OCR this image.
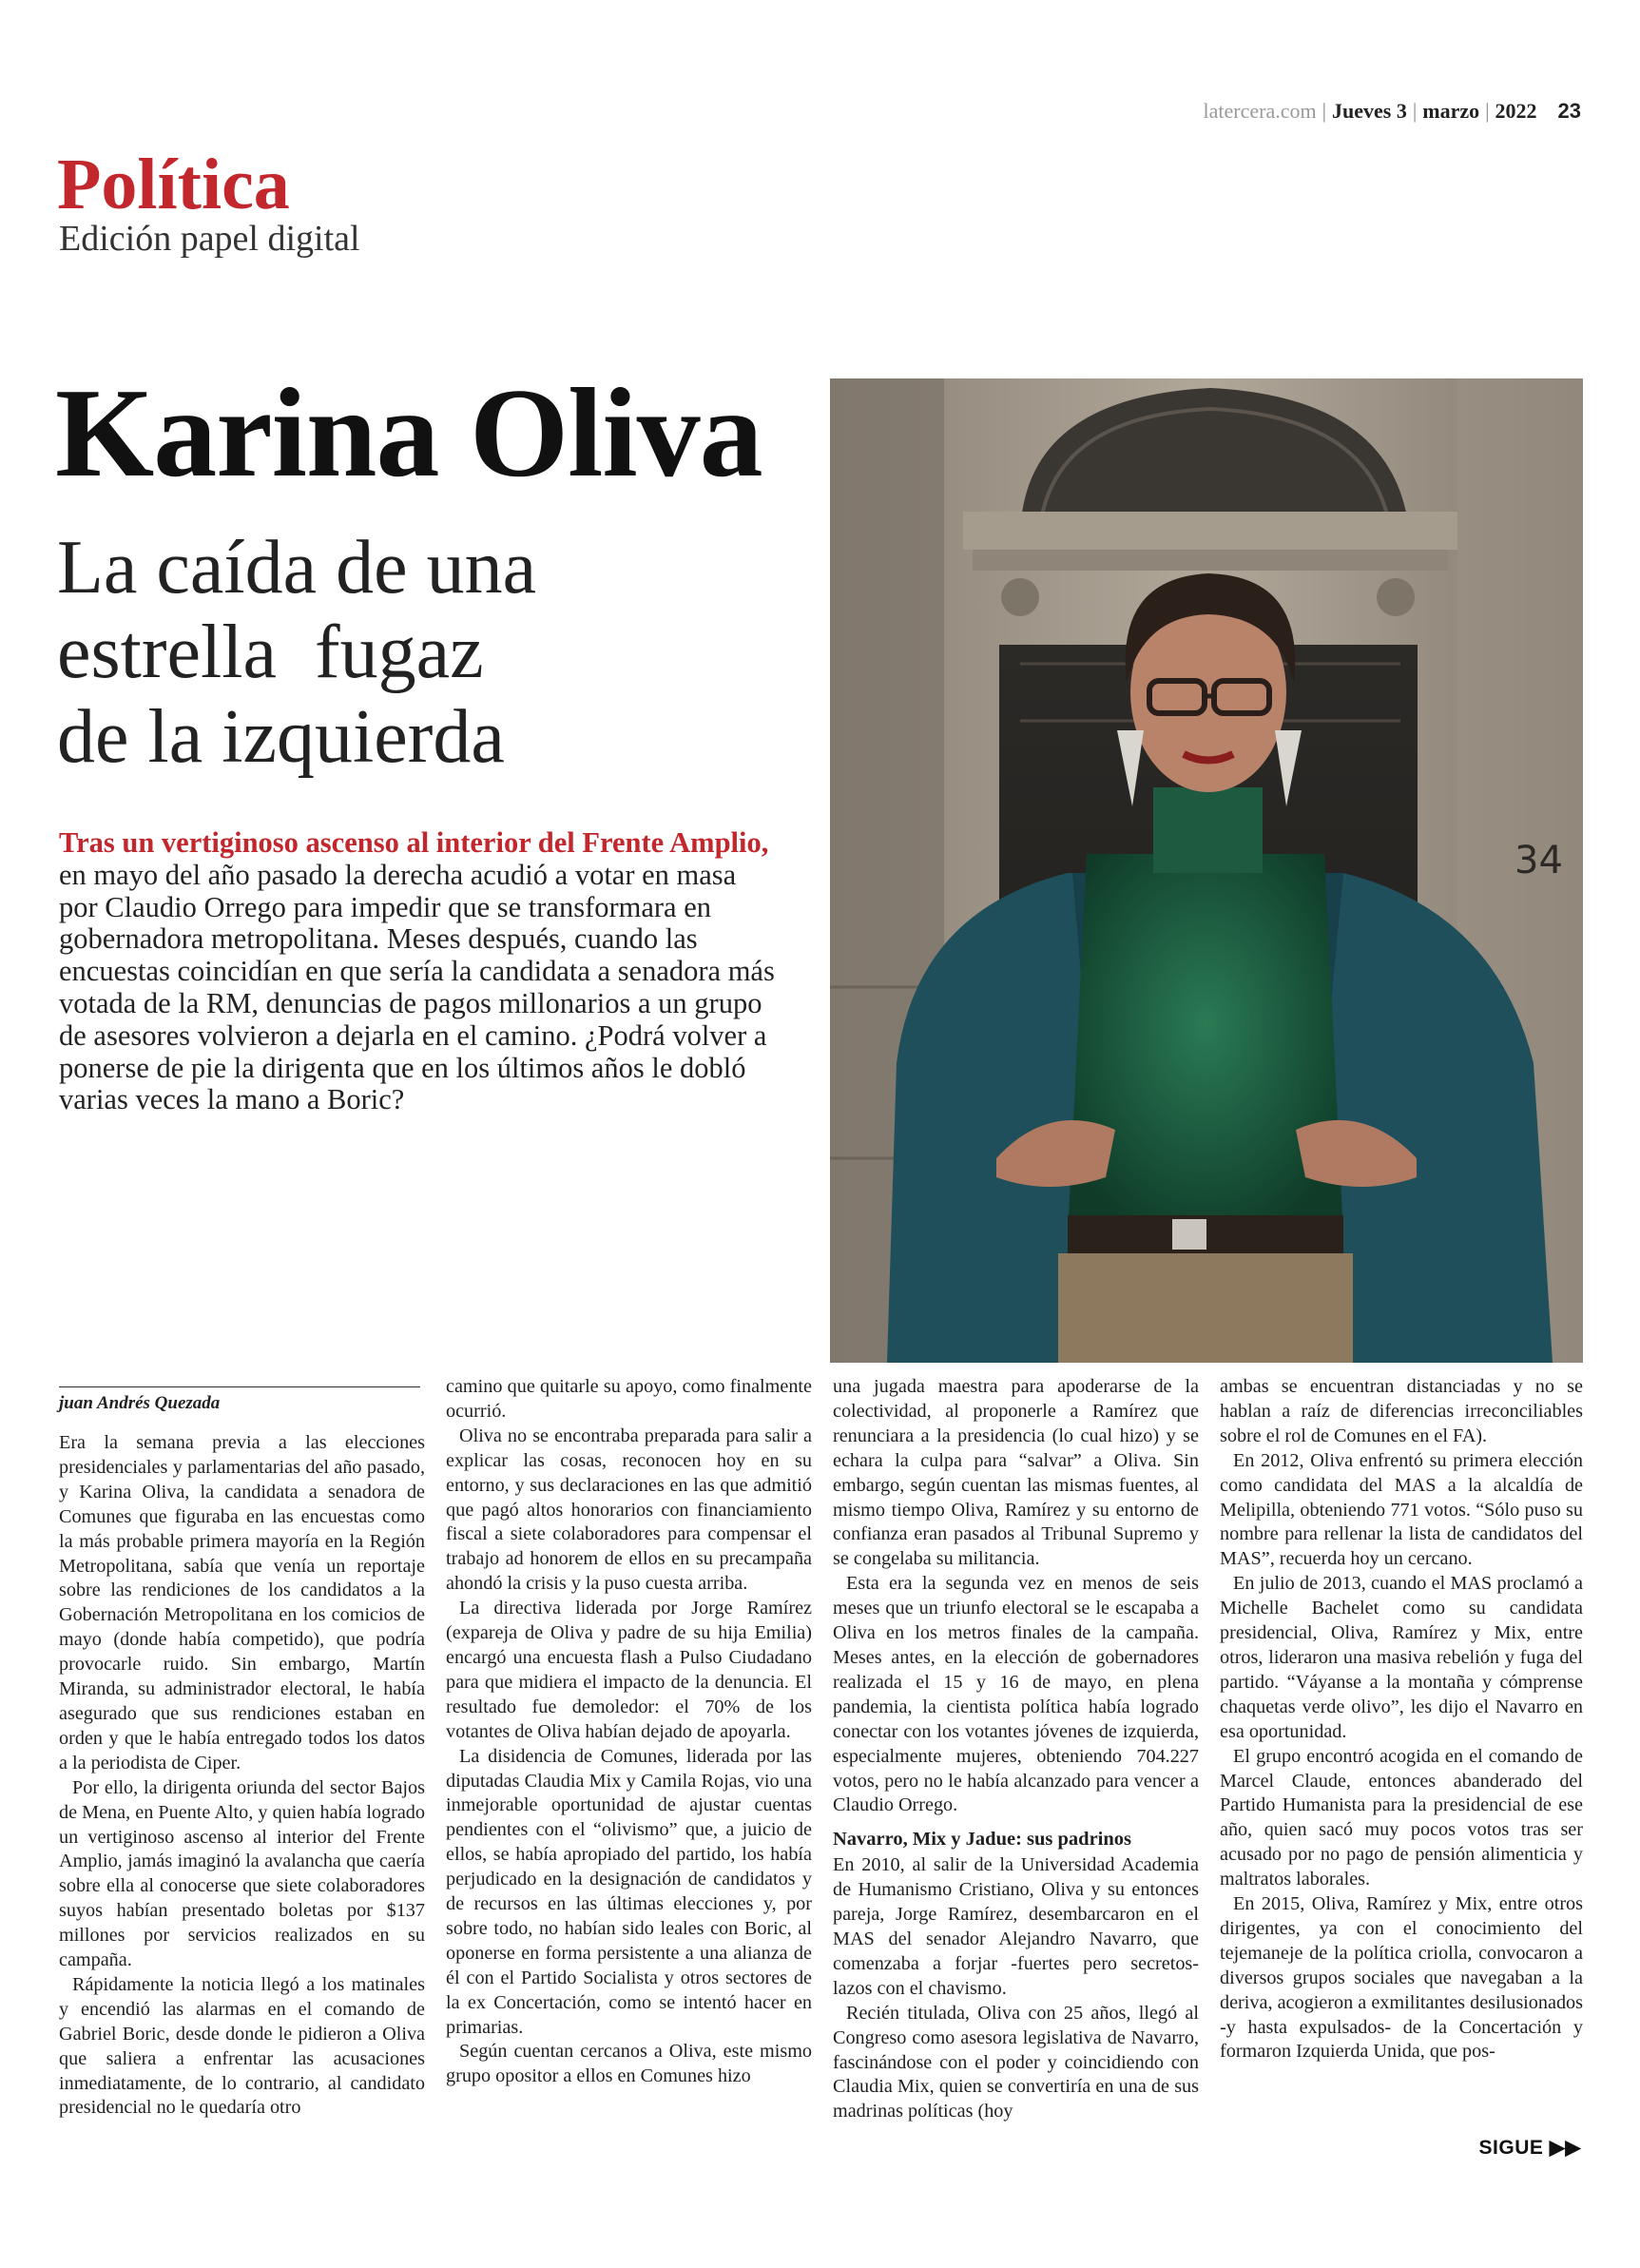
latercera.com | Jueves 3 | marzo | 2022 23
Política
Edición papel digital
Karina Oliva
La caída de una
estrella  fugaz
de la izquierda
Tras un vertiginoso ascenso al interior del Frente Amplio, en mayo del año pasado la derecha acudió a votar en masa por Claudio Orrego para impedir que se transformara en gobernadora metropolitana. Meses después, cuando las encuestas coincidían en que sería la candidata a senadora más votada de la RM, denuncias de pagos millonarios a un grupo de asesores volvieron a dejarla en el camino. ¿Podrá volver a ponerse de pie la dirigenta que en los últimos años le dobló varias veces la mano a Boric?
34
juan Andrés Quezada

Era la semana previa a las elecciones presidenciales y parlamentarias del año pasado, y Karina Oliva, la candidata a senadora de Comunes que figuraba en las encuestas como la más probable primera mayoría en la Región Metropolitana, sabía que venía un reportaje sobre las rendiciones de los candidatos a la Gobernación Metropolitana en los comicios de mayo (donde había competido), que podría provocarle ruido. Sin embargo, Martín Miranda, su administrador electoral, le había asegurado que sus rendiciones estaban en orden y que le había entregado todos los datos a la periodista de Ciper.

Por ello, la dirigenta oriunda del sector Bajos de Mena, en Puente Alto, y quien había logrado un vertiginoso ascenso al interior del Frente Amplio, jamás imaginó la avalancha que caería sobre ella al conocerse que siete colaboradores suyos habían presentado boletas por $137 millones por servicios realizados en su campaña.

Rápidamente la noticia llegó a los matinales y encendió las alarmas en el comando de Gabriel Boric, desde donde le pidieron a Oliva que saliera a enfrentar las acusaciones inmediatamente, de lo contrario, al candidato presidencial no le quedaría otro

camino que quitarle su apoyo, como finalmente ocurrió.

Oliva no se encontraba preparada para salir a explicar las cosas, reconocen hoy en su entorno, y sus declaraciones en las que admitió que pagó altos honorarios con financiamiento fiscal a siete colaboradores para compensar el trabajo ad honorem de ellos en su precampaña ahondó la crisis y la puso cuesta arriba.

La directiva liderada por Jorge Ramírez (expareja de Oliva y padre de su hija Emilia) encargó una encuesta flash a Pulso Ciudadano para que midiera el impacto de la denuncia. El resultado fue demoledor: el 70% de los votantes de Oliva habían dejado de apoyarla.

La disidencia de Comunes, liderada por las diputadas Claudia Mix y Camila Rojas, vio una inmejorable oportunidad de ajustar cuentas pendientes con el “olivismo” que, a juicio de ellos, se había apropiado del partido, los había perjudicado en la designación de candidatos y de recursos en las últimas elecciones y, por sobre todo, no habían sido leales con Boric, al oponerse en forma persistente a una alianza de él con el Partido Socialista y otros sectores de la ex Concertación, como se intentó hacer en primarias.

Según cuentan cercanos a Oliva, este mismo grupo opositor a ellos en Comunes hizo

una jugada maestra para apoderarse de la colectividad, al proponerle a Ramírez que renunciara a la presidencia (lo cual hizo) y se echara la culpa para “salvar” a Oliva. Sin embargo, según cuentan las mismas fuentes, al mismo tiempo Oliva, Ramírez y su entorno de confianza eran pasados al Tribunal Supremo y se congelaba su militancia.

Esta era la segunda vez en menos de seis meses que un triunfo electoral se le escapaba a Oliva en los metros finales de la campaña. Meses antes, en la elección de gobernadores realizada el 15 y 16 de mayo, en plena pandemia, la cientista política había logrado conectar con los votantes jóvenes de izquierda, especialmente mujeres, obteniendo 704.227 votos, pero no le había alcanzado para vencer a Claudio Orrego.

Navarro, Mix y Jadue: sus padrinos

En 2010, al salir de la Universidad Academia de Humanismo Cristiano, Oliva y su entonces pareja, Jorge Ramírez, desembarcaron en el MAS del senador Alejandro Navarro, que comenzaba a forjar -fuertes pero secretos- lazos con el chavismo.

Recién titulada, Oliva con 25 años, llegó al Congreso como asesora legislativa de Navarro, fascinándose con el poder y coincidiendo con Claudia Mix, quien se convertiría en una de sus madrinas políticas (hoy

ambas se encuentran distanciadas y no se hablan a raíz de diferencias irreconciliables sobre el rol de Comunes en el FA).

En 2012, Oliva enfrentó su primera elección como candidata del MAS a la alcaldía de Melipilla, obteniendo 771 votos. “Sólo puso su nombre para rellenar la lista de candidatos del MAS”, recuerda hoy un cercano.

En julio de 2013, cuando el MAS proclamó a Michelle Bachelet como su candidata presidencial, Oliva, Ramírez y Mix, entre otros, lideraron una masiva rebelión y fuga del partido. “Váyanse a la montaña y cómprense chaquetas verde olivo”, les dijo el Navarro en esa oportunidad.

El grupo encontró acogida en el comando de Marcel Claude, entonces abanderado del Partido Humanista para la presidencial de ese año, quien sacó muy pocos votos tras ser acusado por no pago de pensión alimenticia y maltratos laborales.

En 2015, Oliva, Ramírez y Mix, entre otros dirigentes, ya con el conocimiento del tejemaneje de la política criolla, convocaron a diversos grupos sociales que navegaban a la deriva, acogieron a exmilitantes desilusionados -y hasta expulsados- de la Concertación y formaron Izquierda Unida, que pos-

SIGUE ▶▶
